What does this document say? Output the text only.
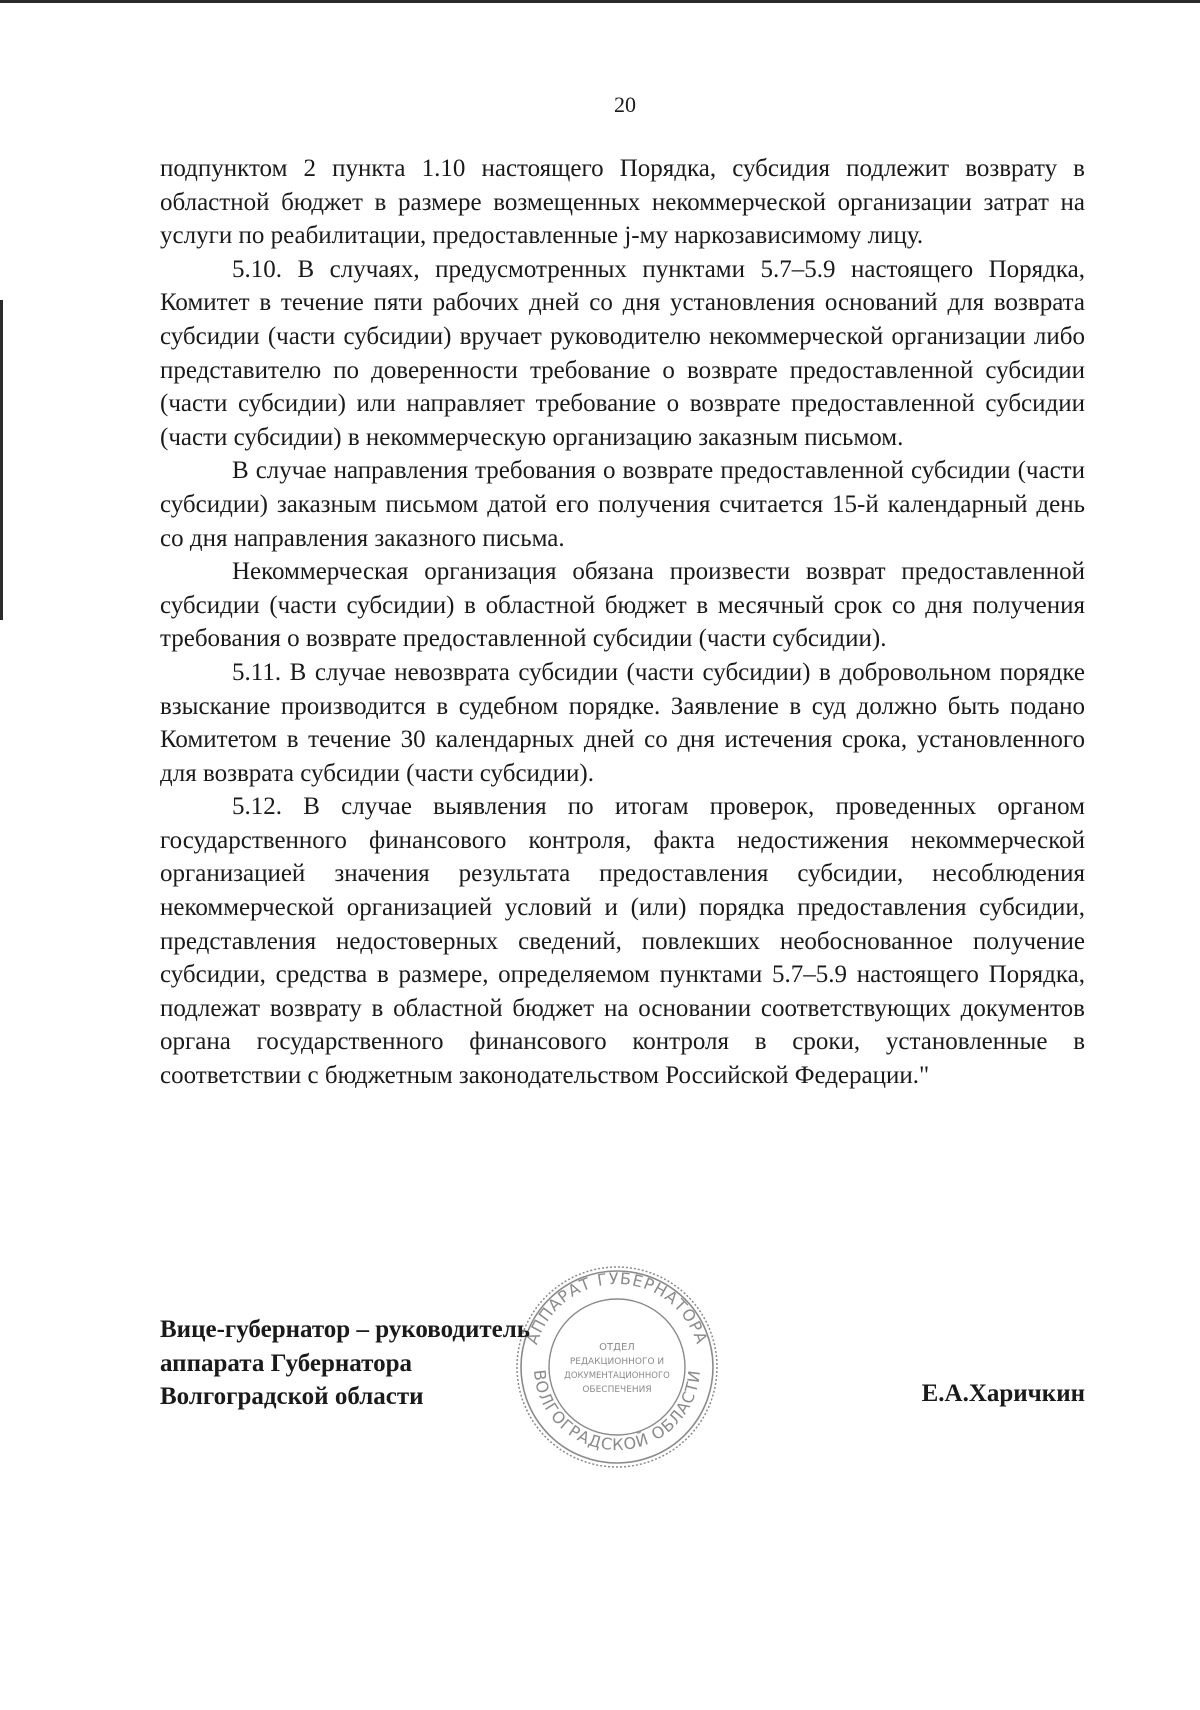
20

подпунктом 2 пункта 1.10 настоящего Порядка, субсидия подлежит возврату в областной бюджет в размере возмещенных некоммерческой организации затрат на услуги по реабилитации, предоставленные j-му наркозависимому лицу.

5.10. В случаях, предусмотренных пунктами 5.7–5.9 настоящего Порядка, Комитет в течение пяти рабочих дней со дня установления оснований для возврата субсидии (части субсидии) вручает руководителю некоммерческой организации либо представителю по доверенности требование о возврате предоставленной субсидии (части субсидии) или направляет требование о возврате предоставленной субсидии (части субсидии) в некоммерческую организацию заказным письмом.

В случае направления требования о возврате предоставленной субсидии (части субсидии) заказным письмом датой его получения считается 15-й календарный день со дня направления заказного письма.

Некоммерческая организация обязана произвести возврат предоставленной субсидии (части субсидии) в областной бюджет в месячный срок со дня получения требования о возврате предоставленной субсидии (части субсидии).

5.11. В случае невозврата субсидии (части субсидии) в добровольном порядке взыскание производится в судебном порядке. Заявление в суд должно быть подано Комитетом в течение 30 календарных дней со дня истечения срока, установленного для возврата субсидии (части субсидии).

5.12. В случае выявления по итогам проверок, проведенных органом государственного финансового контроля, факта недостижения некоммерческой организацией значения результата предоставления субсидии, несоблюдения некоммерческой организацией условий и (или) порядка предоставления субсидии, представления недостоверных сведений, повлекших необоснованное получение субсидии, средства в размере, определяемом пунктами 5.7–5.9 настоящего Порядка, подлежат возврату в областной бюджет на основании соответствующих документов органа государственного финансового контроля в сроки, установленные в соответствии с бюджетным законодательством Российской Федерации."

АППАРАТ ГУБЕРНАТОРА
ВОЛГОГРАДСКОЙ ОБЛАСТИ
ОТДЕЛ
РЕДАКЦИОННОГО И
ДОКУМЕНТАЦИОННОГО
ОБЕСПЕЧЕНИЯ
Вице-губернатор – руководитель
аппарата Губернатора
Волгоградской области	Е.А.Харичкин
